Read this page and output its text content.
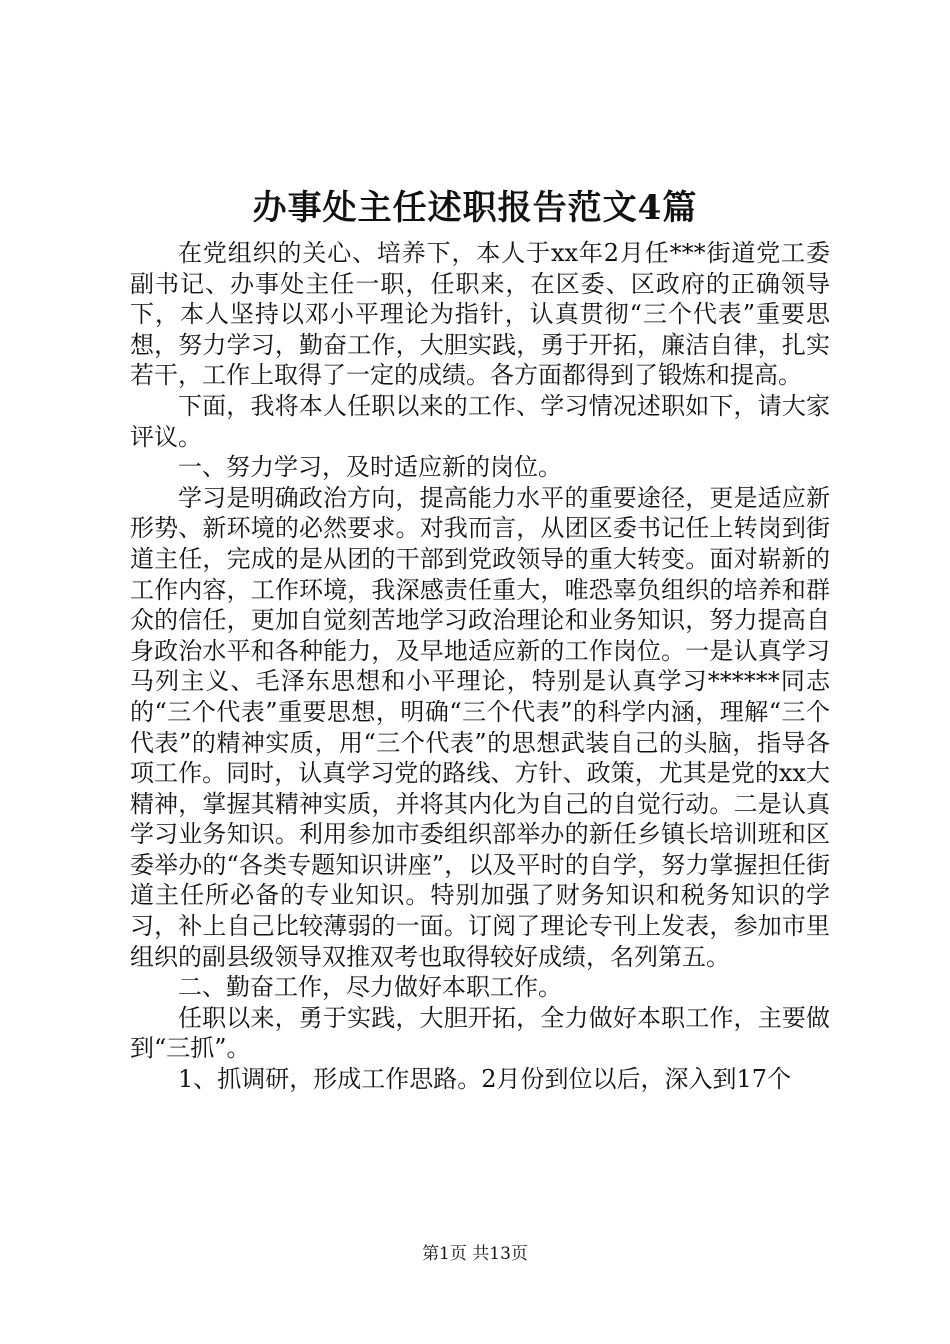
办事处主任述职报告范文4篇

在党组织的关心、培养下，本人于xx年2月任***街道党工委副书记、办事处主任一职，任职来，在区委、区政府的正确领导下，本人坚持以邓小平理论为指针，认真贯彻“三个代表”重要思想，努力学习，勤奋工作，大胆实践，勇于开拓，廉洁自律，扎实若干，工作上取得了一定的成绩。各方面都得到了锻炼和提高。

下面，我将本人任职以来的工作、学习情况述职如下，请大家评议。

一、努力学习，及时适应新的岗位。

学习是明确政治方向，提高能力水平的重要途径，更是适应新形势、新环境的必然要求。对我而言，从团区委书记任上转岗到街道主任，完成的是从团的干部到党政领导的重大转变。面对崭新的工作内容，工作环境，我深感责任重大，唯恐辜负组织的培养和群众的信任，更加自觉刻苦地学习政治理论和业务知识，努力提高自身政治水平和各种能力，及早地适应新的工作岗位。一是认真学习马列主义、毛泽东思想和小平理论，特别是认真学习******同志的“三个代表”重要思想，明确“三个代表”的科学内涵，理解“三个代表”的精神实质，用“三个代表”的思想武装自己的头脑，指导各项工作。同时，认真学习党的路线、方针、政策，尤其是党的xx大精神，掌握其精神实质，并将其内化为自己的自觉行动。二是认真学习业务知识。利用参加市委组织部举办的新任乡镇长培训班和区委举办的“各类专题知识讲座”，以及平时的自学，努力掌握担任街道主任所必备的专业知识。特别加强了财务知识和税务知识的学习，补上自己比较薄弱的一面。订阅了理论专刊上发表，参加市里组织的副县级领导双推双考也取得较好成绩，名列第五。

二、勤奋工作，尽力做好本职工作。

任职以来，勇于实践，大胆开拓，全力做好本职工作，主要做到“三抓”。

1、抓调研，形成工作思路。2月份到位以后，深入到17个

第1页 共13页
